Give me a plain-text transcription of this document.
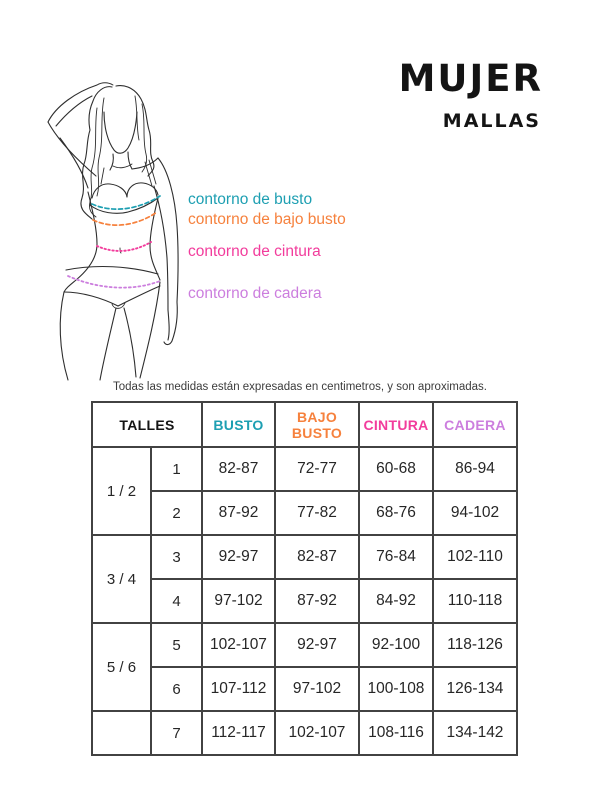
MUJER
MALLAS
contorno de busto
contorno de bajo busto
contorno de cintura
contorno de cadera

Todas las medidas están expresadas en centimetros, y son aproximadas.

TALLES		BUSTO	BAJO BUSTO	CINTURA	CADERA
1 / 2	1	82-87	72-77	60-68	86-94
	2	87-92	77-82	68-76	94-102
3 / 4	3	92-97	82-87	76-84	102-110
	4	97-102	87-92	84-92	110-118
5 / 6	5	102-107	92-97	92-100	118-126
	6	107-112	97-102	100-108	126-134
	7	112-117	102-107	108-116	134-142
